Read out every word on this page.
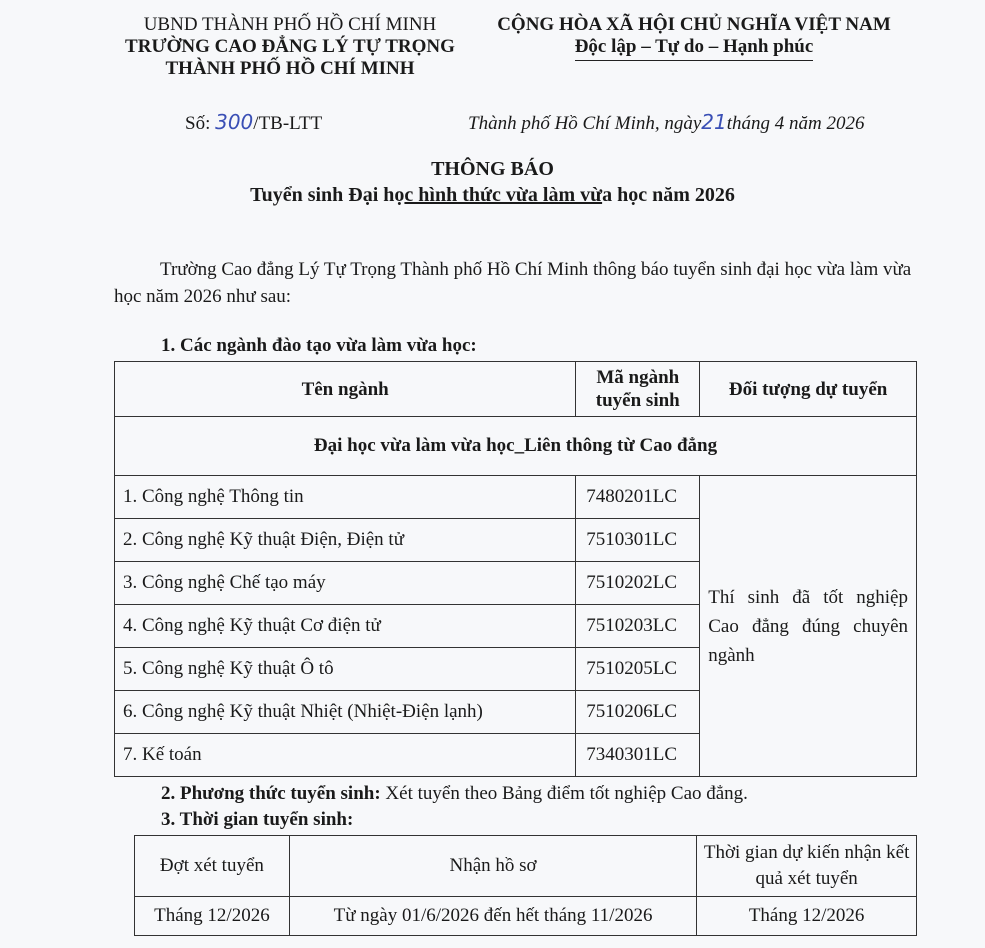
UBND THÀNH PHỐ HỒ CHÍ MINH
TRƯỜNG CAO ĐẲNG LÝ TỰ TRỌNG
THÀNH PHỐ HỒ CHÍ MINH
CỘNG HÒA XÃ HỘI CHỦ NGHĨA VIỆT NAM
Độc lập – Tự do – Hạnh phúc
Số: 300/TB-LTT	Thành phố Hồ Chí Minh, ngày21tháng 4 năm 2026
THÔNG BÁO
Tuyển sinh Đại học hình thức vừa làm vừa học năm 2026
Trường Cao đẳng Lý Tự Trọng Thành phố Hồ Chí Minh thông báo tuyển sinh đại học vừa làm vừa học năm 2026 như sau:
1. Các ngành đào tạo vừa làm vừa học:
Tên ngành	Mã ngành tuyển sinh	Đối tượng dự tuyển
Đại học vừa làm vừa học_Liên thông từ Cao đẳng		
1. Công nghệ Thông tin	7480201LC	Thí sinh đã tốt nghiệp Cao đẳng đúng chuyên ngành
2. Công nghệ Kỹ thuật Điện, Điện tử	7510301LC	
3. Công nghệ Chế tạo máy	7510202LC	
4. Công nghệ Kỹ thuật Cơ điện tử	7510203LC	
5. Công nghệ Kỹ thuật Ô tô	7510205LC	
6. Công nghệ Kỹ thuật Nhiệt (Nhiệt-Điện lạnh)	7510206LC	
7. Kế toán	7340301LC	
2. Phương thức tuyển sinh: Xét tuyển theo Bảng điểm tốt nghiệp Cao đẳng.
3. Thời gian tuyển sinh:
Đợt xét tuyển	Nhận hồ sơ	Thời gian dự kiến nhận kết quả xét tuyển
Tháng 12/2026	Từ ngày 01/6/2026 đến hết tháng 11/2026	Tháng 12/2026
